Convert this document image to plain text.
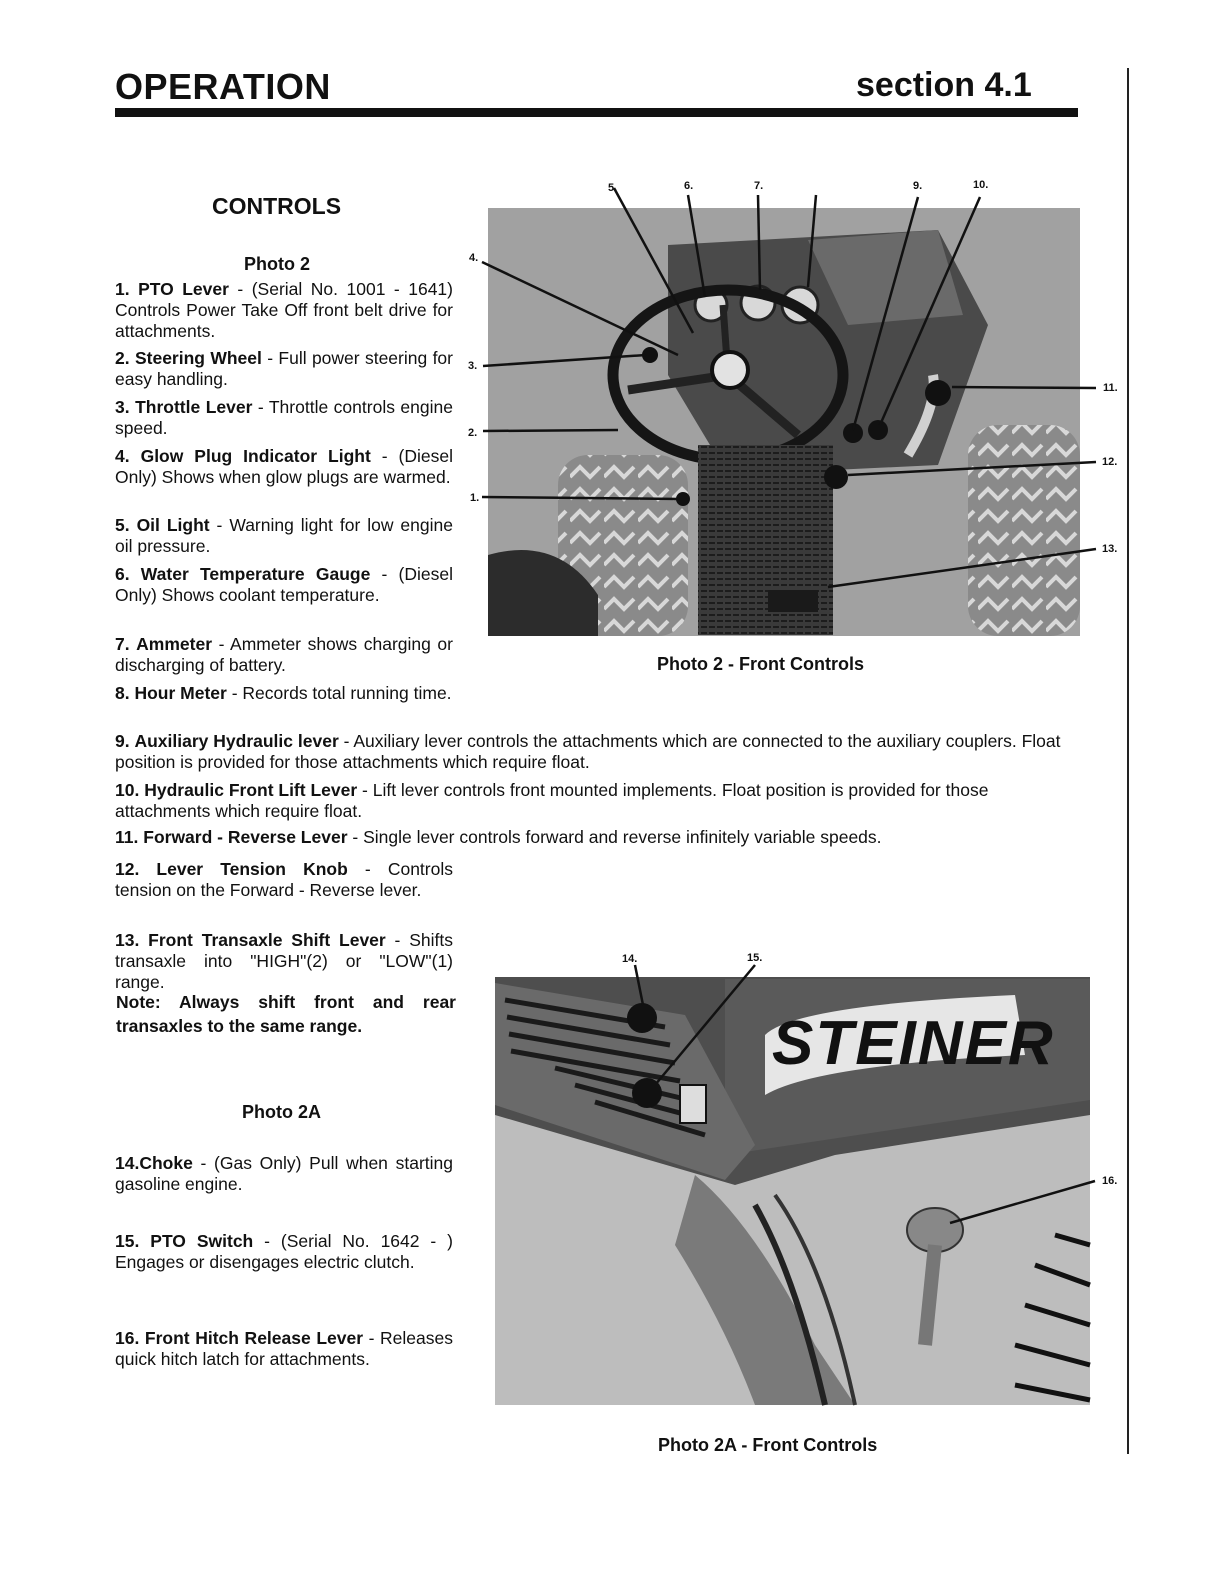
OPERATION	section 4.1
CONTROLS
Photo 2
1. PTO Lever - (Serial No. 1001 - 1641) Controls Power Take Off front belt drive for attachments.
2. Steering Wheel - Full power steering for easy handling.
3. Throttle Lever - Throttle controls engine speed.
4. Glow Plug Indicator Light - (Diesel Only) Shows when glow plugs are warmed.
5. Oil Light - Warning light for low engine oil pressure.
6. Water Temperature Gauge - (Diesel Only) Shows coolant temperature.
7. Ammeter - Ammeter shows charging or discharging of battery.
8. Hour Meter - Records total running time.
9. Auxiliary Hydraulic lever - Auxiliary lever controls the attachments which are connected to the auxiliary couplers. Float position is provided for those attachments which require float.
10. Hydraulic Front Lift Lever - Lift lever controls front mounted implements. Float position is provided for those attachments which require float.
11. Forward - Reverse Lever - Single lever controls forward and reverse infinitely variable speeds.
12. Lever Tension Knob - Controls tension on the Forward - Reverse lever.
13. Front Transaxle Shift Lever - Shifts transaxle into "HIGH"(2) or "LOW"(1) range.
Note: Always shift front and rear transaxles to the same range.
Photo 2A
14.Choke - (Gas Only) Pull when starting gasoline engine.
15. PTO Switch - (Serial No. 1642 - ) Engages or disengages electric clutch.
16. Front Hitch Release Lever - Releases quick hitch latch for attachments.
5.	6.	7.	9.	10.
4.
3.
2.
1.
11.
12.
13.
Photo 2 - Front Controls
STEINER
14.	15.
16.
Photo 2A - Front Controls
